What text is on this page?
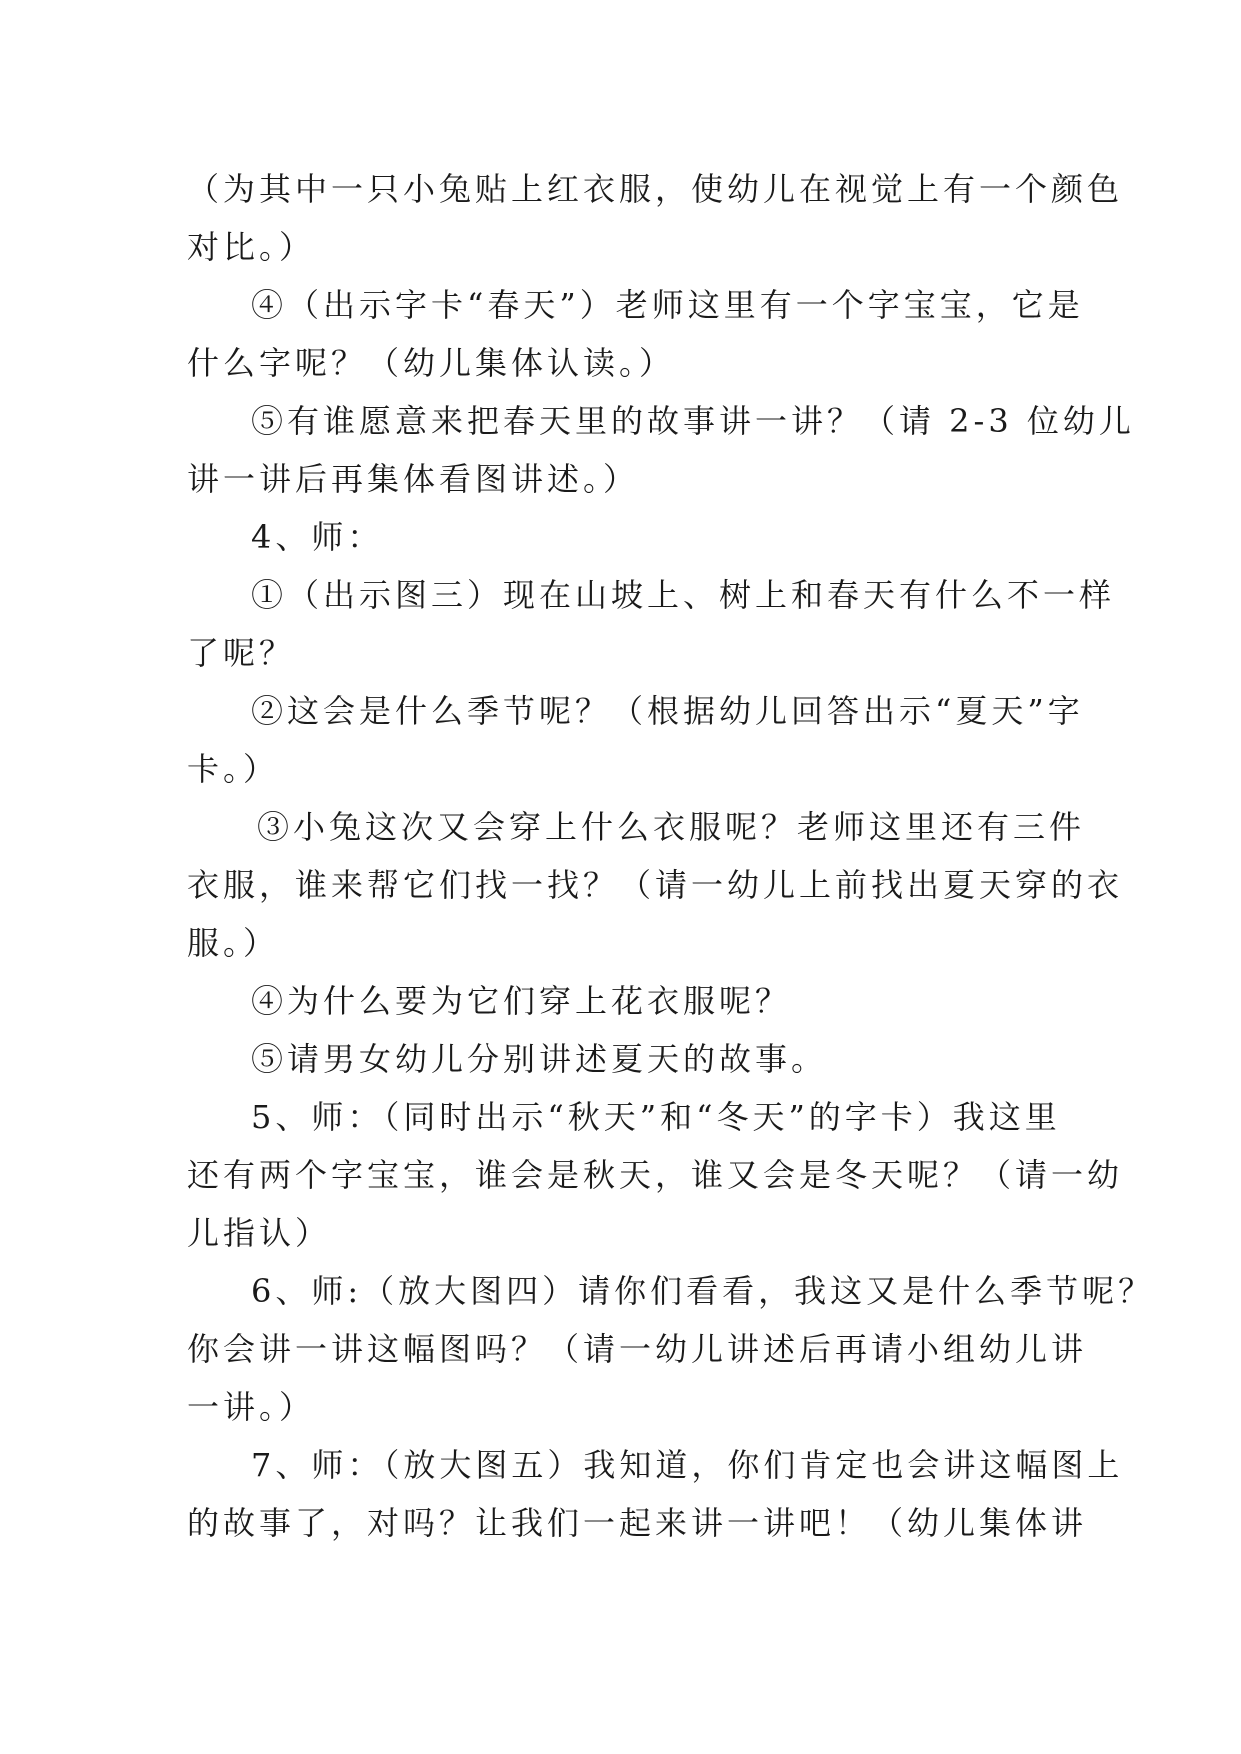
（为其中一只小兔贴上红衣服，使幼儿在视觉上有一个颜色
对比。）
④（出示字卡“春天”）老师这里有一个字宝宝，它是
什么字呢？（幼儿集体认读。）
⑤有谁愿意来把春天里的故事讲一讲？（请 2-3 位幼儿
讲一讲后再集体看图讲述。）
4、师：
①（出示图三）现在山坡上、树上和春天有什么不一样
了呢？
②这会是什么季节呢？（根据幼儿回答出示“夏天”字
卡。）
③小兔这次又会穿上什么衣服呢？老师这里还有三件
衣服，谁来帮它们找一找？（请一幼儿上前找出夏天穿的衣
服。）
④为什么要为它们穿上花衣服呢？
⑤请男女幼儿分别讲述夏天的故事。
5、师：（同时出示“秋天”和“冬天”的字卡）我这里
还有两个字宝宝，谁会是秋天，谁又会是冬天呢？（请一幼
儿指认）
6、师:（放大图四）请你们看看，我这又是什么季节呢？
你会讲一讲这幅图吗？（请一幼儿讲述后再请小组幼儿讲
一讲。）
7、师：（放大图五）我知道，你们肯定也会讲这幅图上
的故事了，对吗？让我们一起来讲一讲吧！（幼儿集体讲
